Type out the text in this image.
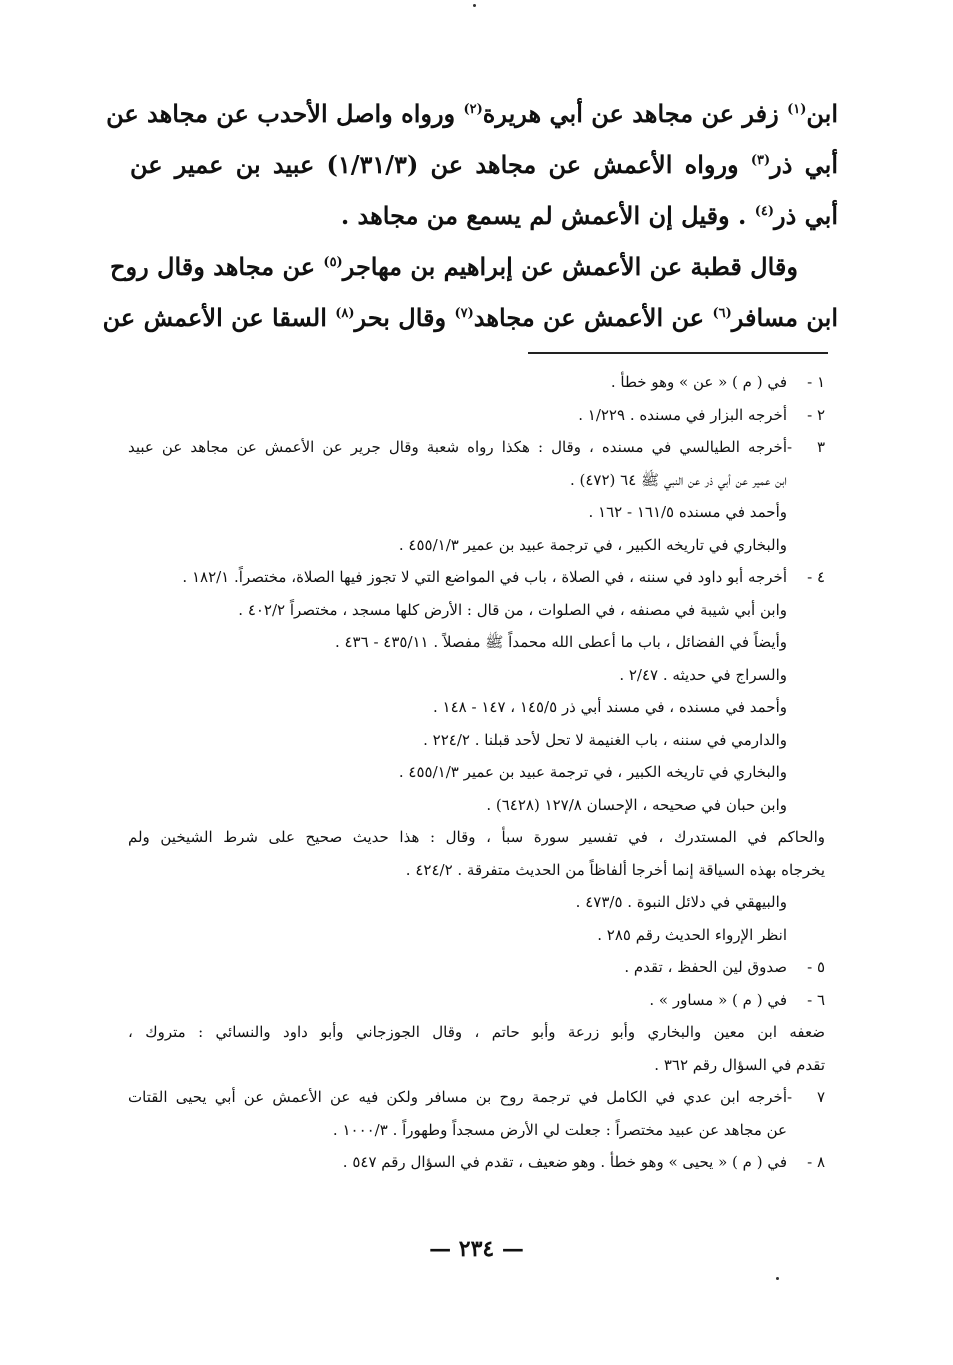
ابن$^{(١)}$ زفر عن مجاهد عن أبي هريرة$^{(٢)}$ ورواه واصل الأحدب عن مجاهد عن
أبي ذر$^{(٣)}$ ورواه الأعمش عن مجاهد عن (١/٣١/٣) عبيد بن عمير عن
أبي ذر$^{(٤)}$ . وقيل إن الأعمش لم يسمع من مجاهد .
وقال قطبة عن الأعمش عن إبراهيم بن مهاجر$^{(٥)}$ عن مجاهد وقال روح
ابن مسافر$^{(٦)}$ عن الأعمش عن مجاهد$^{(٧)}$ وقال بحر$^{(٨)}$ السقا عن الأعمش عن
١ -في ( م ) « عن » وهو خطأ .
٢ -أخرجه البزار في مسنده . ١/٢٢٩ .
٣ -أخرجه الطيالسي في مسنده ، وقال : هكذا رواه شعبة وقال جرير عن الأعمش عن مجاهد عن عبيد
ابن عمير عن أبي ذر عن النبي ﷺ ٦٤ (٤٧٢) .
وأحمد في مسنده ١٦١/٥ - ١٦٢ .
والبخاري في تاريخه الكبير ، في ترجمة عبيد بن عمير ٤٥٥/١/٣ .
٤ -أخرجه أبو داود في سننه ، في الصلاة ، باب في المواضع التي لا تجوز فيها الصلاة، مختصراً. ١٨٢/١ .
وابن أبي شيبة في مصنفه ، في الصلوات ، من قال : الأرض كلها مسجد ، مختصراً ٤٠٢/٢ .
وأيضاً في الفضائل ، باب ما أعطى الله محمداً ﷺ مفصلاً . ٤٣٥/١١ - ٤٣٦ .
والسراج في حديثه . ٢/٤٧ .
وأحمد في مسنده ، في مسند أبي ذر ١٤٥/٥ ، ١٤٧ - ١٤٨ .
والدارمي في سننه ، باب الغنيمة لا تحل لأحد قبلنا . ٢٢٤/٢ .
والبخاري في تاريخه الكبير ، في ترجمة عبيد بن عمير ٤٥٥/١/٣ .
وابن حبان في صحيحه ، الإحسان ١٢٧/٨ (٦٤٢٨) .
والحاكم في المستدرك ، في تفسير سورة سبأ ، وقال : هذا حديث صحيح على شرط الشيخين ولم
يخرجاه بهذه السياقة إنما أخرجا ألفاظاً من الحديث متفرقة . ٤٢٤/٢ .
والبيهقي في دلائل النبوة . ٤٧٣/٥ .
انظر الإرواء الحديث رقم ٢٨٥ .
٥ -صدوق لين الحفظ ، تقدم .
٦ -في ( م ) « مساور » .
ضعفه ابن معين والبخاري وأبو زرعة وأبو حاتم ، وقال الجوزجاني وأبو داود والنسائي : متروك ،
تقدم في السؤال رقم ٣٦٢ .
٧ -أخرجه ابن عدي في الكامل في ترجمة روح بن مسافر ولكن فيه عن الأعمش عن أبي يحيى القتات
عن مجاهد عن عبيد مختصراً : جعلت لي الأرض مسجداً وطهوراً . ١٠٠٠/٣ .
٨ -في ( م ) « يحيى » وهو خطأ . وهو ضعيف ، تقدم في السؤال رقم ٥٤٧ .
— ٢٣٤ —
